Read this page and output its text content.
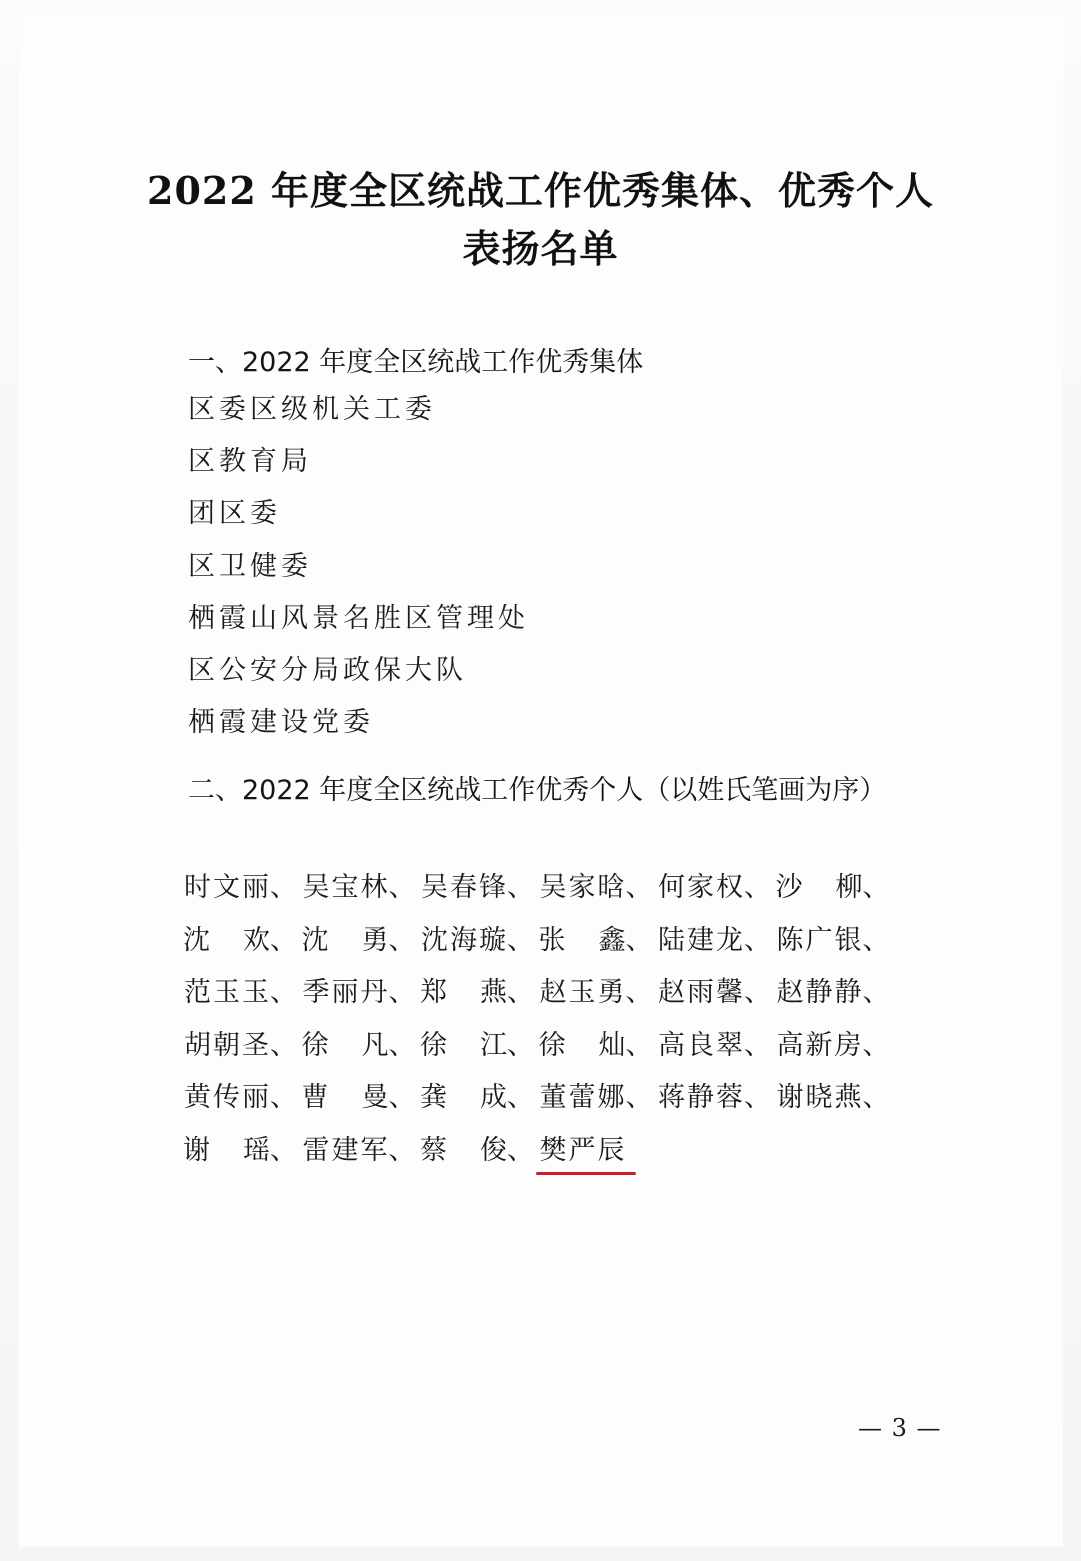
2022 年度全区统战工作优秀集体、优秀个人
表扬名单

一、2022 年度全区统战工作优秀集体

区委区级机关工委
区教育局
团区委
区卫健委
栖霞山风景名胜区管理处
区公安分局政保大队
栖霞建设党委

二、2022 年度全区统战工作优秀个人（以姓氏笔画为序）

时 文 丽 、 吴 宝 林 、 吴 春 锋 、 吴 家 晗 、 何 家 权 、 沙 柳 、
沈 欢 、 沈 勇 、 沈 海 璇 、 张 鑫 、 陆 建 龙 、 陈 广 银 、
范 玉 玉 、 季 丽 丹 、 郑 燕 、 赵 玉 勇 、 赵 雨 馨 、 赵 静 静 、
胡 朝 圣 、 徐 凡 、 徐 江 、 徐 灿 、 高 良 翠 、 高 新 房 、
黄 传 丽 、 曹 曼 、 龚 成 、 董 蕾 娜 、 蒋 静 蓉 、 谢 晓 燕 、
谢 瑶 、 雷 建 军 、 蔡 俊 、 樊 严 辰
— 3 —
